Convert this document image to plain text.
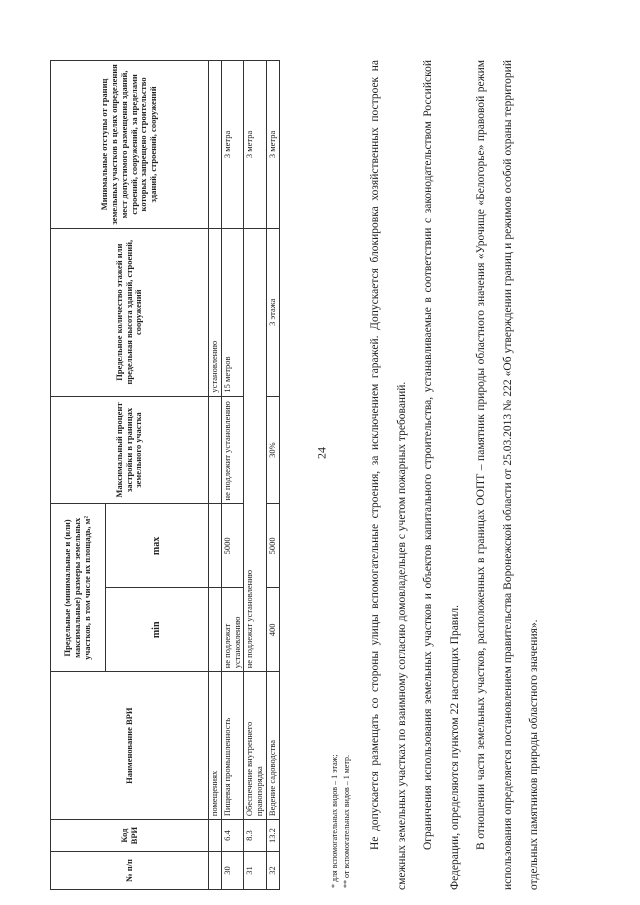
24
№ п/п	Код ВРИ	Наименование ВРИ	Предельные (минимальные и (или) максимальные) размеры земельных участков, в том числе их площадь, м²		Максимальный процент застройки в границах земельного участка	Предельное количество этажей или предельная высота зданий, строений, сооружений	Минимальные отступы от границ земельных участков в целях определения мест допустимого размещения зданий, строений, сооружений, за пределами которых запрещено строительство зданий, строений, сооружений
			min	max			
		помещениях				установлению	
30	6.4	Пищевая промышленность	не подлежат установлению	5000	не подлежит установлению	15 метров	3 метра
31	8.3	Обеспечение внутреннего правопорядка	не подлежат установлению				3 метра
32	13.2	Ведение садоводства	400	5000	30%	3 этажа	3 метра
* для вспомогательных видов – 1 этаж; ** от вспомогательных видов – 1 метр.	Не допускается размещать со стороны улицы вспомогательные строения, за исключением гаражей. Допускается блокировка хозяйственных построек на смежных земельных участках по взаимному согласию домовладельцев с учетом пожарных требований.	Ограничения использования земельных участков и объектов капитального строительства, устанавливаемые в соответствии с законодательством Российской Федерации, определяются пунктом 22 настоящих Правил.	В отношении части земельных участков, расположенных в границах ООПТ – памятник природы областного значения «Урочище «Белогорье» правовой режим использования определяется постановлением правительства Воронежской области от 25.03.2013 № 222 «Об утверждении границ и режимов особой охраны территорий отдельных памятников природы областного значения».
